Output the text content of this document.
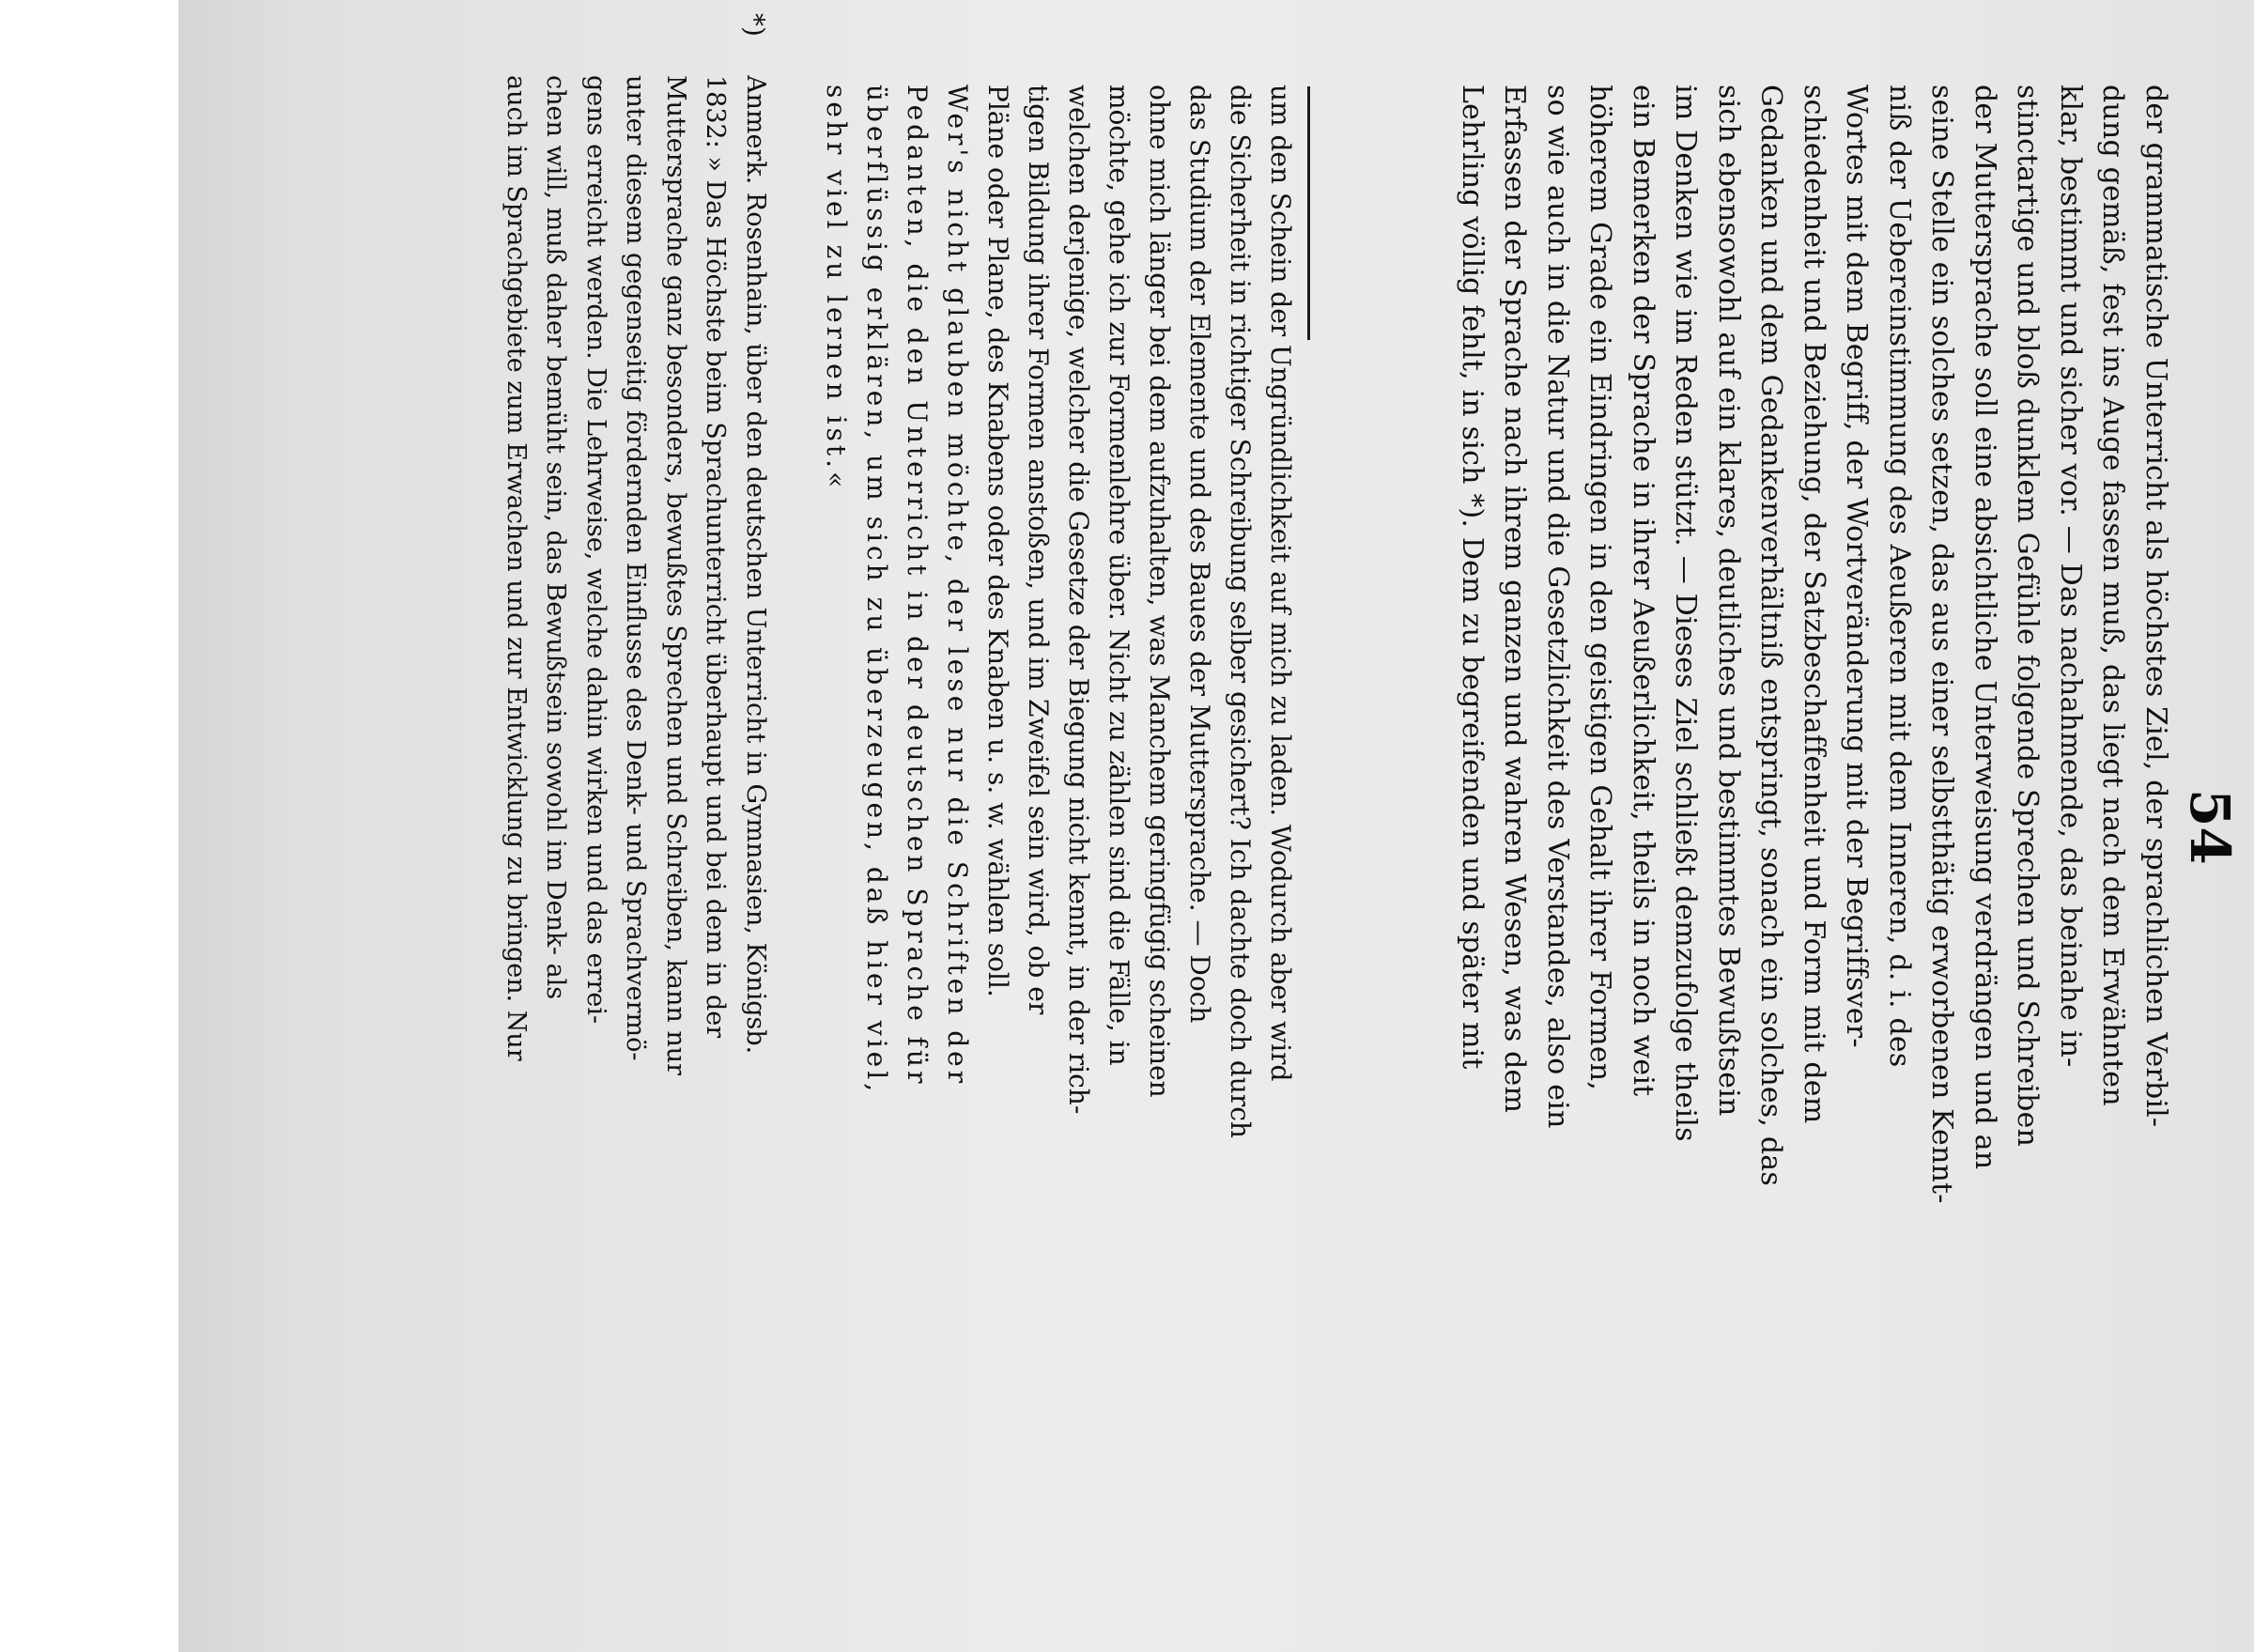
54
der grammatische Unterricht als höchstes Ziel, der sprachlichen Verbil-
dung gemäß, fest ins Auge fassen muß, das liegt nach dem Erwähnten
klar, bestimmt und sicher vor. — Das nachahmende, das beinahe in-
stinctartige und bloß dunklem Gefühle folgende Sprechen und Schreiben
der Muttersprache soll eine absichtliche Unterweisung verdrängen und an
seine Stelle ein solches setzen, das aus einer selbstthätig erworbenen Kennt-
niß der Uebereinstimmung des Aeußeren mit dem Inneren, d. i. des
Wortes mit dem Begriff, der Wortveränderung mit der Begriffsver-
schiedenheit und Beziehung, der Satzbeschaffenheit und Form mit dem
Gedanken und dem Gedankenverhältniß entspringt, sonach ein solches, das
sich ebensowohl auf ein klares, deutliches und bestimmtes Bewußtsein
im Denken wie im Reden stützt. — Dieses Ziel schließt demzufolge theils
ein Bemerken der Sprache in ihrer Aeußerlichkeit, theils in noch weit
höherem Grade ein Eindringen in den geistigen Gehalt ihrer Formen,
so wie auch in die Natur und die Gesetzlichkeit des Verstandes, also ein
Erfassen der Sprache nach ihrem ganzen und wahren Wesen, was dem
Lehrling völlig fehlt, in sich *). Dem zu begreifenden und später mit
um den Schein der Ungründlichkeit auf mich zu laden. Wodurch aber wird
die Sicherheit in richtiger Schreibung selber gesichert? Ich dachte doch durch
das Studium der Elemente und des Baues der Muttersprache. — Doch
ohne mich länger bei dem aufzuhalten, was Manchem geringfügig scheinen
möchte, gehe ich zur Formenlehre über. Nicht zu zählen sind die Fälle, in
welchen derjenige, welcher die Gesetze der Biegung nicht kennt, in der rich-
tigen Bildung ihrer Formen anstoßen, und im Zweifel sein wird, ob er
Pläne oder Plane, des Knabens oder des Knaben u. s. w. wählen soll.
Wer's nicht glauben möchte, der lese nur die Schriften der
Pedanten, die den Unterricht in der deutschen Sprache für
überflüssig erklären, um sich zu überzeugen, daß hier viel,
sehr viel zu lernen ist.«
*)
Anmerk. Rosenhain, über den deutschen Unterricht in Gymnasien, Königsb.
1832: » Das Höchste beim Sprachunterricht überhaupt und bei dem in der
Muttersprache ganz besonders, bewußtes Sprechen und Schreiben, kann nur
unter diesem gegenseitig fördernden Einflusse des Denk- und Sprachvermö-
gens erreicht werden. Die Lehrweise, welche dahin wirken und das errei-
chen will, muß daher bemüht sein, das Bewußtsein sowohl im Denk- als
auch im Sprachgebiete zum Erwachen und zur Entwicklung zu bringen. Nur
